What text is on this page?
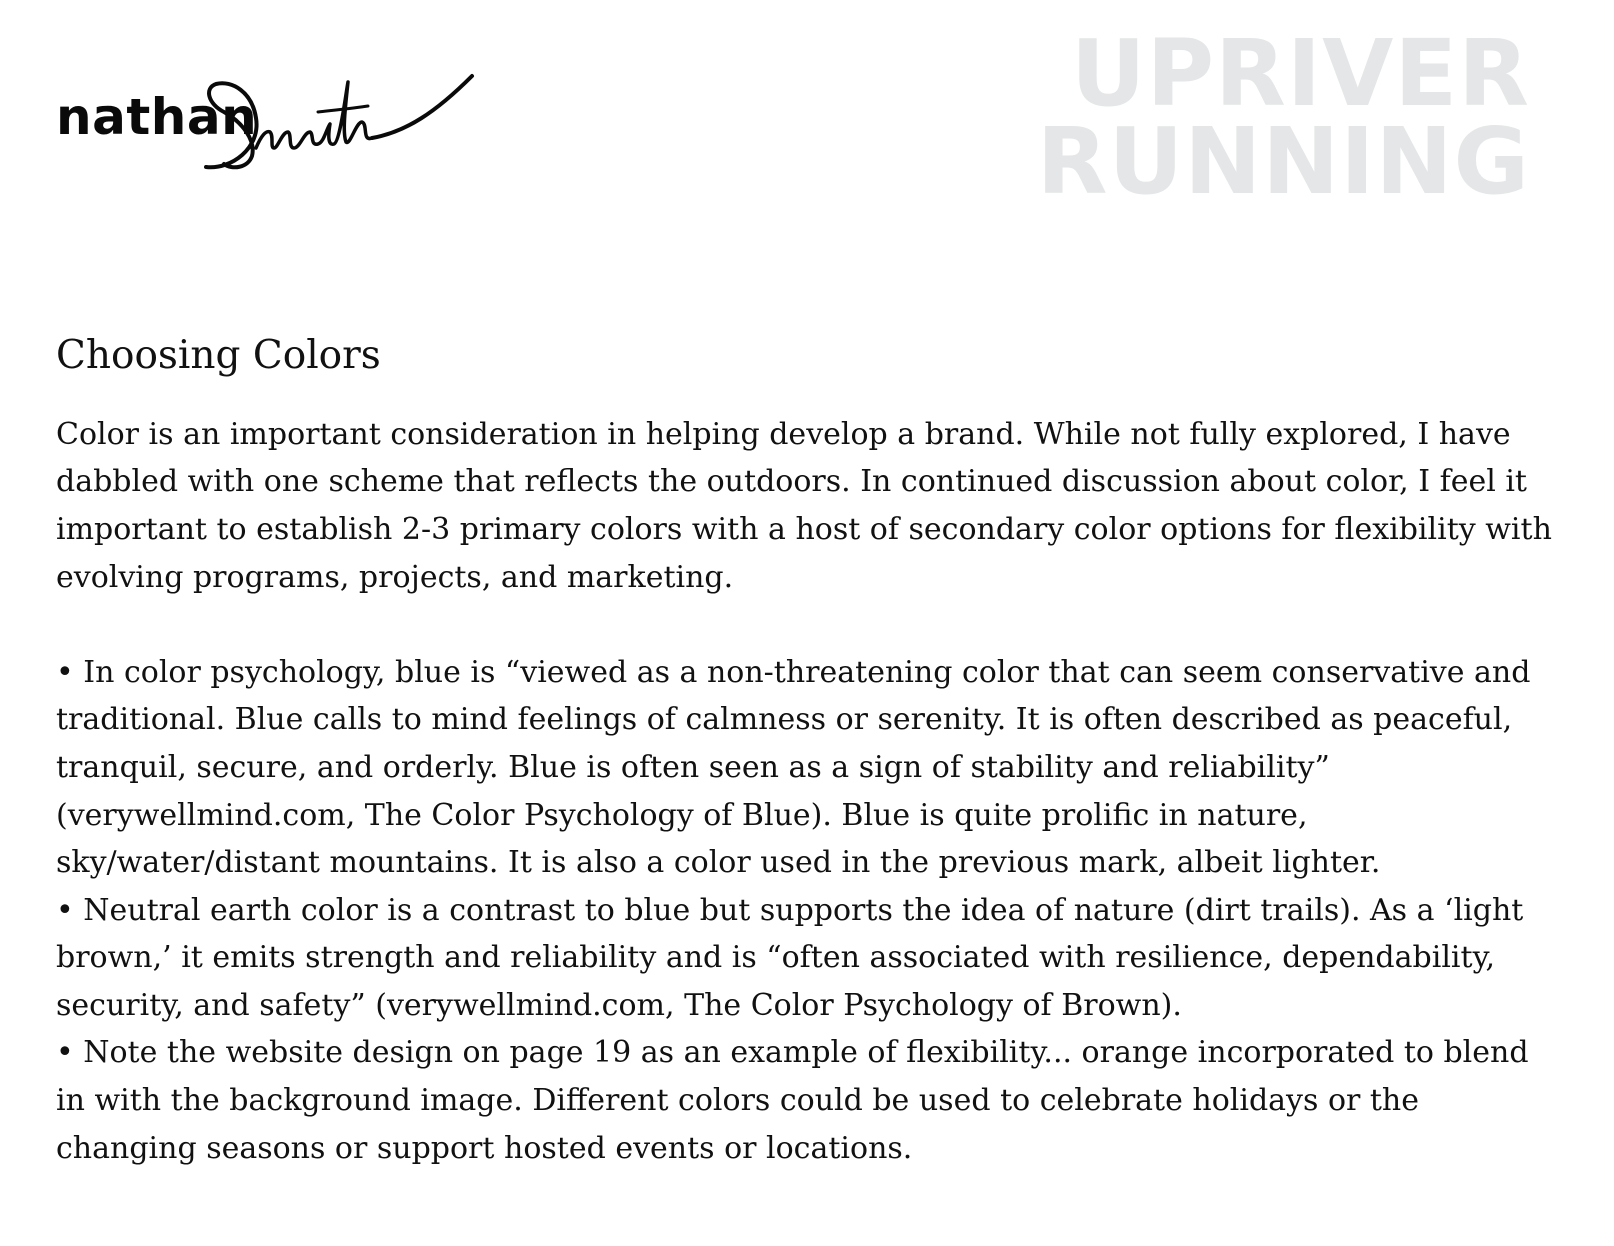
nathan	UPRIVER
RUNNING
Choosing Colors

Color is an important consideration in helping develop a brand. While not fully explored, I have dabbled with one scheme that reflects the outdoors. In continued discussion about color, I feel it important to establish 2-3 primary colors with a host of secondary color options for flexibility with evolving programs, projects, and marketing.

• In color psychology, blue is “viewed as a non-threatening color that can seem conservative and traditional. Blue calls to mind feelings of calmness or serenity. It is often described as peaceful, tranquil, secure, and orderly. Blue is often seen as a sign of stability and reliability” (verywellmind.com, The Color Psychology of Blue). Blue is quite prolific in nature, sky/water/distant mountains. It is also a color used in the previous mark, albeit lighter.
• Neutral earth color is a contrast to blue but supports the idea of nature (dirt trails). As a ‘light brown,’ it emits strength and reliability and is “often associated with resilience, dependability, security, and safety” (verywellmind.com, The Color Psychology of Brown).
• Note the website design on page 19 as an example of flexibility... orange incorporated to blend in with the background image. Different colors could be used to celebrate holidays or the changing seasons or support hosted events or locations.
